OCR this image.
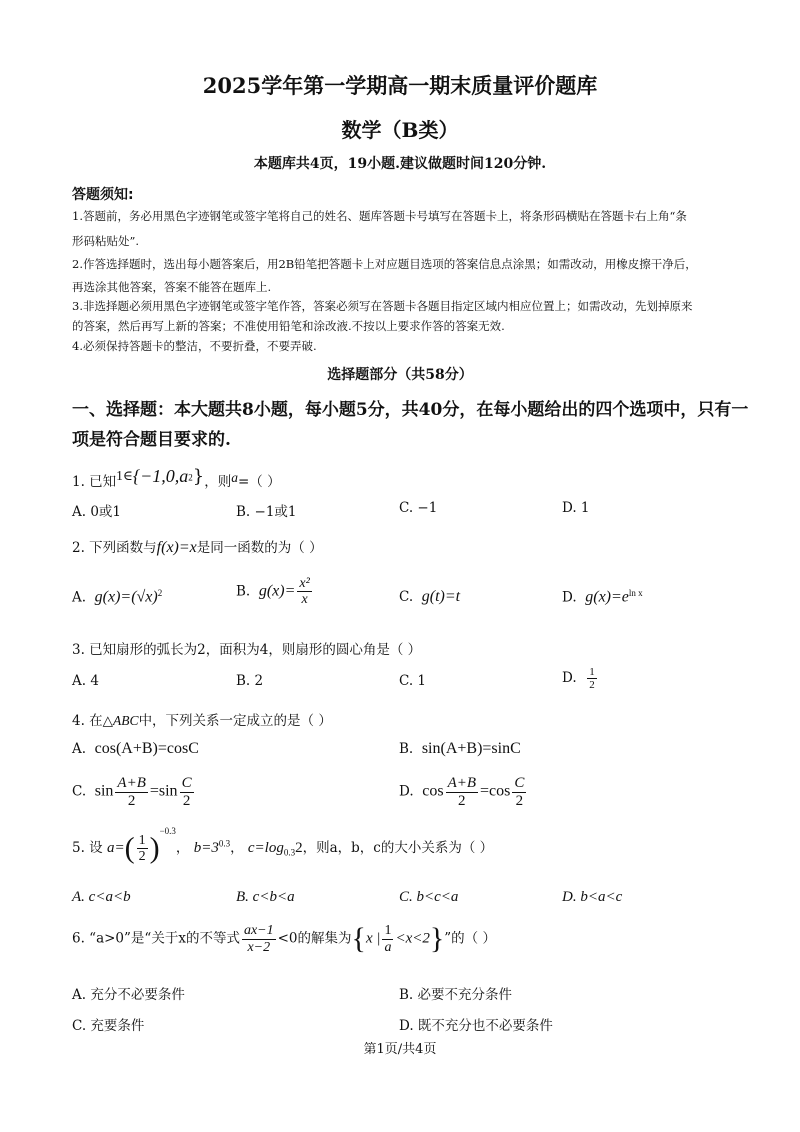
2025学年第一学期高一期末质量评价题库
数学（B类）
本题库共4页，19小题.建议做题时间120分钟.
答题须知:
1.答题前，务必用黑色字迹钢笔或签字笔将自己的姓名、题库答题卡号填写在答题卡上，将条形码横贴在答题卡右上角“条
形码粘贴处”.
2.作答选择题时，选出每小题答案后，用2B铅笔把答题卡上对应题目选项的答案信息点涂黑；如需改动，用橡皮擦干净后，
再选涂其他答案，答案不能答在题库上.
3.非选择题必须用黑色字迹钢笔或签字笔作答，答案必须写在答题卡各题目指定区域内相应位置上；如需改动，先划掉原来
的答案，然后再写上新的答案；不准使用铅笔和涂改液.不按以上要求作答的答案无效.
4.必须保持答题卡的整洁，不要折叠，不要弄破.
选择题部分（共58分）
一、选择题：本大题共8小题，每小题5分，共40分，在每小题给出的四个选项中，只有一
项是符合题目要求的.
1. 已知$1\in\{-1,0,a^2\}$，则a=（ ）
A. 0或1	B. −1或1	C. −1	D. 1
2. 下列函数与f(x)=x是同一函数的为（ ）
A. $g(x)=(√x)^2$	B. $g(x)= \frac{\text{x²}}{x}$	C. g(t)=t	D. $g(x)=e^{ln x}$
3. 已知扇形的弧长为2，面积为4，则扇形的圆心角是（ ）
A. 4	B. 2	C. 1	D. $\frac{1}{2}$
4. 在△ABC中，下列关系一定成立的是（ ）
A. cos(A+B)=cosC	B. sin(A+B)=sinC
C. $\sin \frac{A+B}{2} =\sin \frac{C}{2}$	D. $\cos \frac{A+B}{2} =\cos \frac{C}{2}$
5. 设 $a=( \frac{1}{2} )^{-0.3}$， $b=3^{0.3}$， $c=\log_{0.3}2$，则a，b，c的大小关系为（ ）
A. c<a<b	B. c<b<a	C. b<c<a	D. b<a<c
6. “a>0”是“关于x的不等式 $\frac{ax-1}{x-2} <0$的解集为{x | $\frac{1}{a} <x<2$}”的（ ）
A. 充分不必要条件	B. 必要不充分条件
C. 充要条件	D. 既不充分也不必要条件
第1页/共4页
